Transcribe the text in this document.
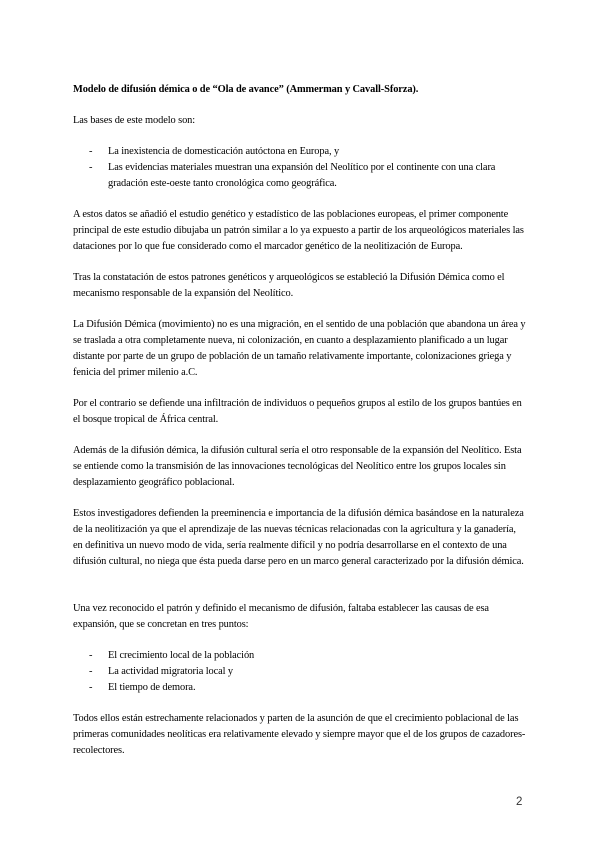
Modelo de difusión démica o de “Ola de avance” (Ammerman y Cavall-Sforza).

Las bases de este modelo son:

- La inexistencia de domesticación autóctona en Europa, y
- Las evidencias materiales muestran una expansión del Neolítico por el continente con una clara gradación este-oeste tanto cronológica como geográfica.

A estos datos se añadió el estudio genético y estadístico de las poblaciones europeas, el primer componente principal de este estudio dibujaba un patrón similar a lo ya expuesto a partir de los arqueológicos materiales las dataciones por lo que fue considerado como el marcador genético de la neolitización de Europa.

Tras la constatación de estos patrones genéticos y arqueológicos se estableció la Difusión Démica como el mecanismo responsable de la expansión del Neolítico.

La Difusión Démica (movimiento) no es una migración, en el sentido de una población que abandona un área y se traslada a otra completamente nueva, ni colonización, en cuanto a desplazamiento planificado a un lugar distante por parte de un grupo de población de un tamaño relativamente importante, colonizaciones griega y fenicia del primer milenio a.C.

Por el contrario se defiende una infiltración de individuos o pequeños grupos al estilo de los grupos bantúes en el bosque tropical de África central.

Además de la difusión démica, la difusión cultural sería el otro responsable de la expansión del Neolítico. Esta se entiende como la transmisión de las innovaciones tecnológicas del Neolítico entre los grupos locales sin desplazamiento geográfico poblacional.

Estos investigadores defienden la preeminencia e importancia de la difusión démica basándose en la naturaleza de la neolitización ya que el aprendizaje de las nuevas técnicas relacionadas con la agricultura y la ganadería, en definitiva un nuevo modo de vida, sería realmente difícil y no podría desarrollarse en el contexto de una difusión cultural, no niega que ésta pueda darse pero en un marco general caracterizado por la difusión démica.

Una vez reconocido el patrón y definido el mecanismo de difusión, faltaba establecer las causas de esa expansión, que se concretan en tres puntos:

- El crecimiento local de la población
- La actividad migratoria local y
- El tiempo de demora.

Todos ellos están estrechamente relacionados y parten de la asunción de que el crecimiento poblacional de las primeras comunidades neolíticas era relativamente elevado y siempre mayor que el de los grupos de cazadores-recolectores.

2
